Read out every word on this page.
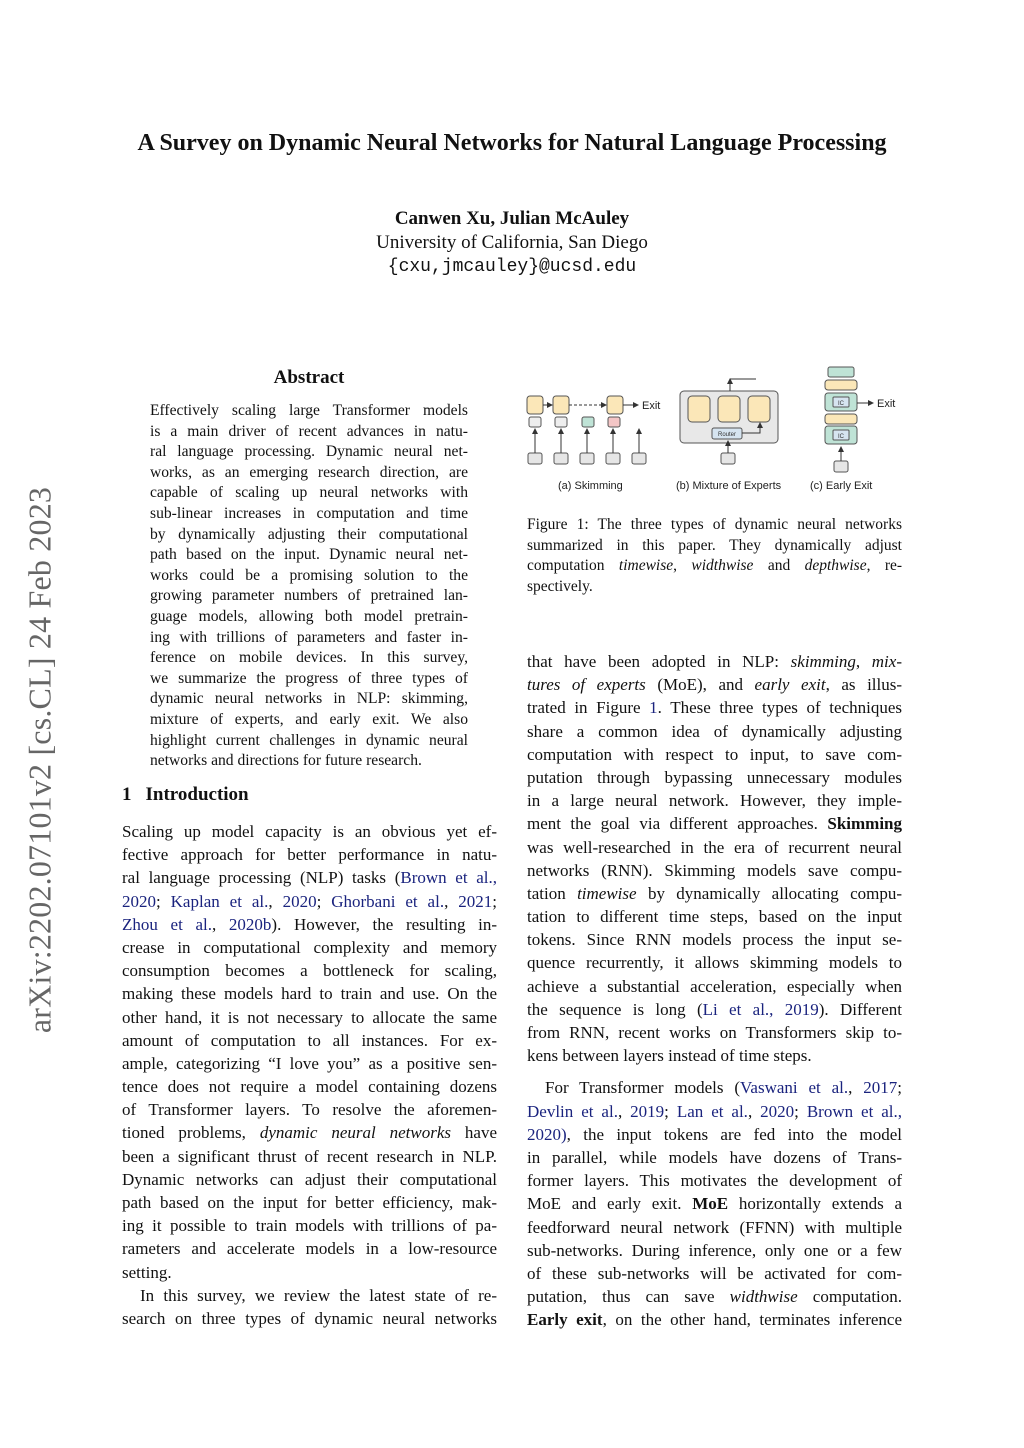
arXiv:2202.07101v2 [cs.CL] 24 Feb 2023
A Survey on Dynamic Neural Networks for Natural Language Processing
Canwen Xu, Julian McAuley
University of California, San Diego
{cxu,jmcauley}@ucsd.edu
Abstract
Effectively scaling large Transformer models
is a main driver of recent advances in natu-
ral language processing. Dynamic neural net-
works, as an emerging research direction, are
capable of scaling up neural networks with
sub-linear increases in computation and time
by dynamically adjusting their computational
path based on the input. Dynamic neural net-
works could be a promising solution to the
growing parameter numbers of pretrained lan-
guage models, allowing both model pretrain-
ing with trillions of parameters and faster in-
ference on mobile devices. In this survey,
we summarize the progress of three types of
dynamic neural networks in NLP: skimming,
mixture of experts, and early exit. We also
highlight current challenges in dynamic neural
networks and directions for future research.
1 Introduction
Scaling up model capacity is an obvious yet ef-
fective approach for better performance in natu-
ral language processing (NLP) tasks (Brown et al.,
2020; Kaplan et al., 2020; Ghorbani et al., 2021;
Zhou et al., 2020b). However, the resulting in-
crease in computational complexity and memory
consumption becomes a bottleneck for scaling,
making these models hard to train and use. On the
other hand, it is not necessary to allocate the same
amount of computation to all instances. For ex-
ample, categorizing “I love you” as a positive sen-
tence does not require a model containing dozens
of Transformer layers. To resolve the aforemen-
tioned problems, dynamic neural networks have
been a significant thrust of recent research in NLP.
Dynamic networks can adjust their computational
path based on the input for better efficiency, mak-
ing it possible to train models with trillions of pa-
rameters and accelerate models in a low-resource
setting.
In this survey, we review the latest state of re-
search on three types of dynamic neural networks
Exit
(a) Skimming
Router
(b) Mixture of Experts
IC
IC
Exit
(c) Early Exit
Figure 1: The three types of dynamic neural networks
summarized in this paper. They dynamically adjust
computation timewise, widthwise and depthwise, re-
spectively.
that have been adopted in NLP: skimming, mix-
tures of experts (MoE), and early exit, as illus-
trated in Figure 1. These three types of techniques
share a common idea of dynamically adjusting
computation with respect to input, to save com-
putation through bypassing unnecessary modules
in a large neural network. However, they imple-
ment the goal via different approaches. Skimming
was well-researched in the era of recurrent neural
networks (RNN). Skimming models save compu-
tation timewise by dynamically allocating compu-
tation to different time steps, based on the input
tokens. Since RNN models process the input se-
quence recurrently, it allows skimming models to
achieve a substantial acceleration, especially when
the sequence is long (Li et al., 2019). Different
from RNN, recent works on Transformers skip to-
kens between layers instead of time steps.
For Transformer models (Vaswani et al., 2017;
Devlin et al., 2019; Lan et al., 2020; Brown et al.,
2020), the input tokens are fed into the model
in parallel, while models have dozens of Trans-
former layers. This motivates the development of
MoE and early exit. MoE horizontally extends a
feedforward neural network (FFNN) with multiple
sub-networks. During inference, only one or a few
of these sub-networks will be activated for com-
putation, thus can save widthwise computation.
Early exit, on the other hand, terminates inference
